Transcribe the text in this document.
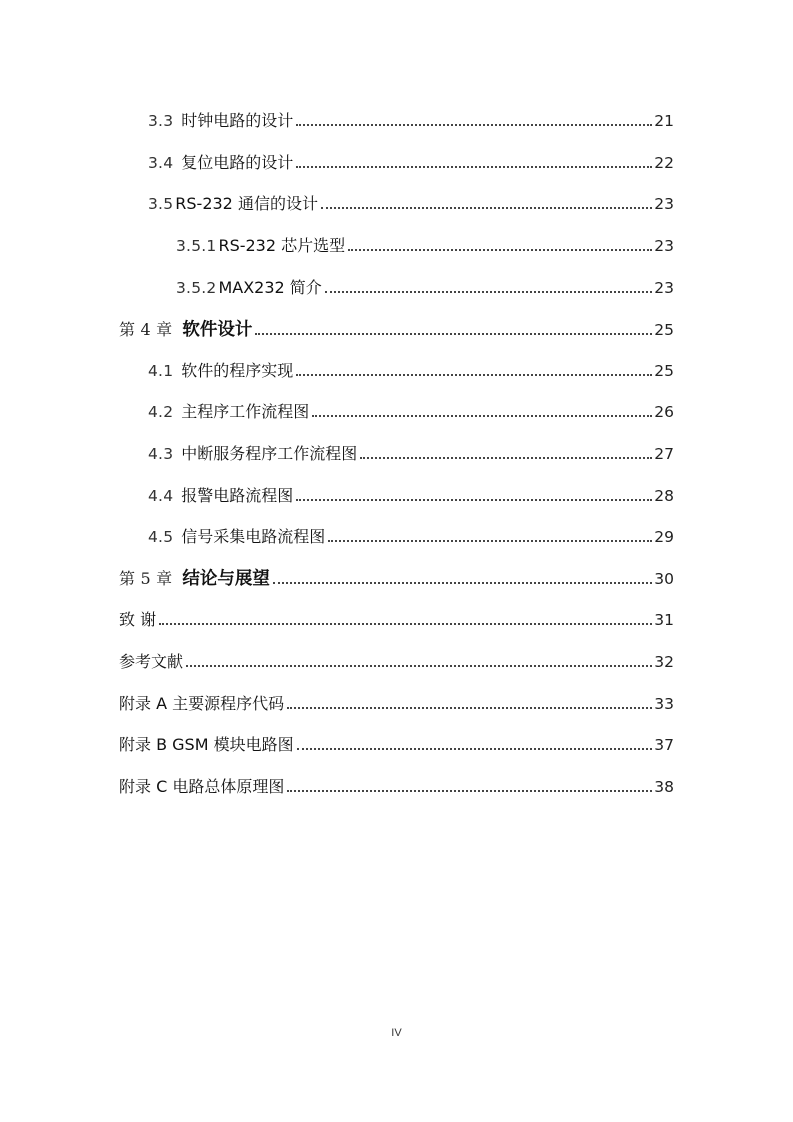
3.3 时钟电路的设计	21
3.4 复位电路的设计	22
3.5 RS-232 通信的设计	23
3.5.1 RS-232 芯片选型	23
3.5.2 MAX232 简介	23
第 4 章 软件设计	25
4.1 软件的程序实现	25
4.2 主程序工作流程图	26
4.3 中断服务程序工作流程图	27
4.4 报警电路流程图	28
4.5 信号采集电路流程图	29
第 5 章 结论与展望	30
致 谢	31
参考文献	32
附录 A 主要源程序代码	33
附录 B GSM 模块电路图	37
附录 C 电路总体原理图	38
IV
